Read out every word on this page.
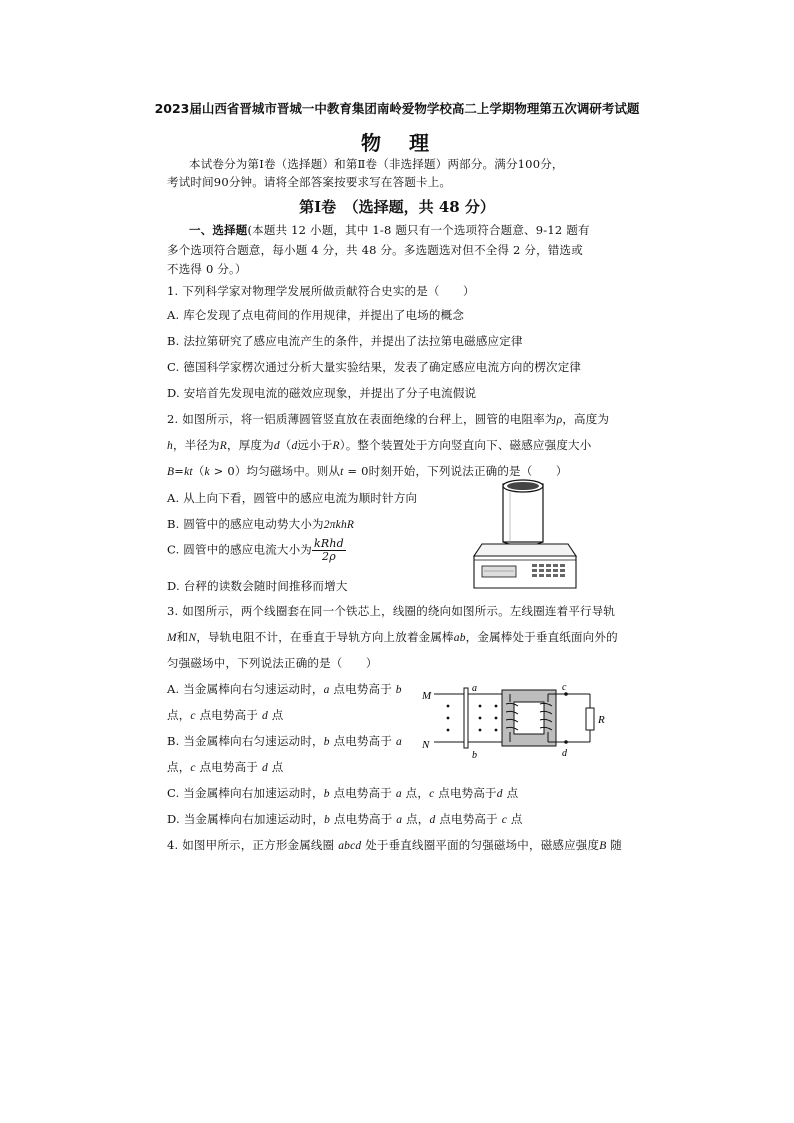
2023届山西省晋城市晋城一中教育集团南岭爱物学校高二上学期物理第五次调研考试题
物　理
本试卷分为第Ⅰ卷（选择题）和第Ⅱ卷（非选择题）两部分。满分100分，
考试时间90分钟。请将全部答案按要求写在答题卡上。
第Ⅰ卷　（选择题，共 48 分）
一、选择题(本题共 12 小题，其中 1-8 题只有一个选项符合题意、9-12 题有
多个选项符合题意，每小题 4 分，共 48 分。多选题选对但不全得 2 分，错选或
不选得 0 分。）
1. 下列科学家对物理学发展所做贡献符合史实的是（　　）
A. 库仑发现了点电荷间的作用规律，并提出了电场的概念
B. 法拉第研究了感应电流产生的条件，并提出了法拉第电磁感应定律
C. 德国科学家楞次通过分析大量实验结果，发表了确定感应电流方向的楞次定律
D. 安培首先发现电流的磁效应现象，并提出了分子电流假说
2. 如图所示，将一铝质薄圆管竖直放在表面绝缘的台秤上，圆管的电阻率为ρ，高度为
h，半径为R，厚度为d（d远小于R）。整个装置处于方向竖直向下、磁感应强度大小
B=kt（k > 0）均匀磁场中。则从t = 0时刻开始，下列说法正确的是（　　）
A. 从上向下看，圆管中的感应电流为顺时针方向
B. 圆管中的感应电动势大小为2πkhR
C. 圆管中的感应电流大小为 $\frac{\text{kRhd}}{2\rho}$
D. 台秤的读数会随时间推移而增大
3. 如图所示，两个线圈套在同一个铁芯上，线圈的绕向如图所示。左线圈连着平行导轨
M和N，导轨电阻不计，在垂直于导轨方向上放着金属棒ab，金属棒处于垂直纸面向外的
匀强磁场中，下列说法正确的是（　　）
A. 当金属棒向右匀速运动时，a 点电势高于 b
点，c 点电势高于 d 点
B. 当金属棒向右匀速运动时，b 点电势高于 a
点，c 点电势高于 d 点
C. 当金属棒向右加速运动时，b 点电势高于 a 点，c 点电势高于d 点
D. 当金属棒向右加速运动时，b 点电势高于 a 点，d 点电势高于 c 点
M
N
a
b
c
d
R
4. 如图甲所示，正方形金属线圈 abcd 处于垂直线圈平面的匀强磁场中，磁感应强度B 随
